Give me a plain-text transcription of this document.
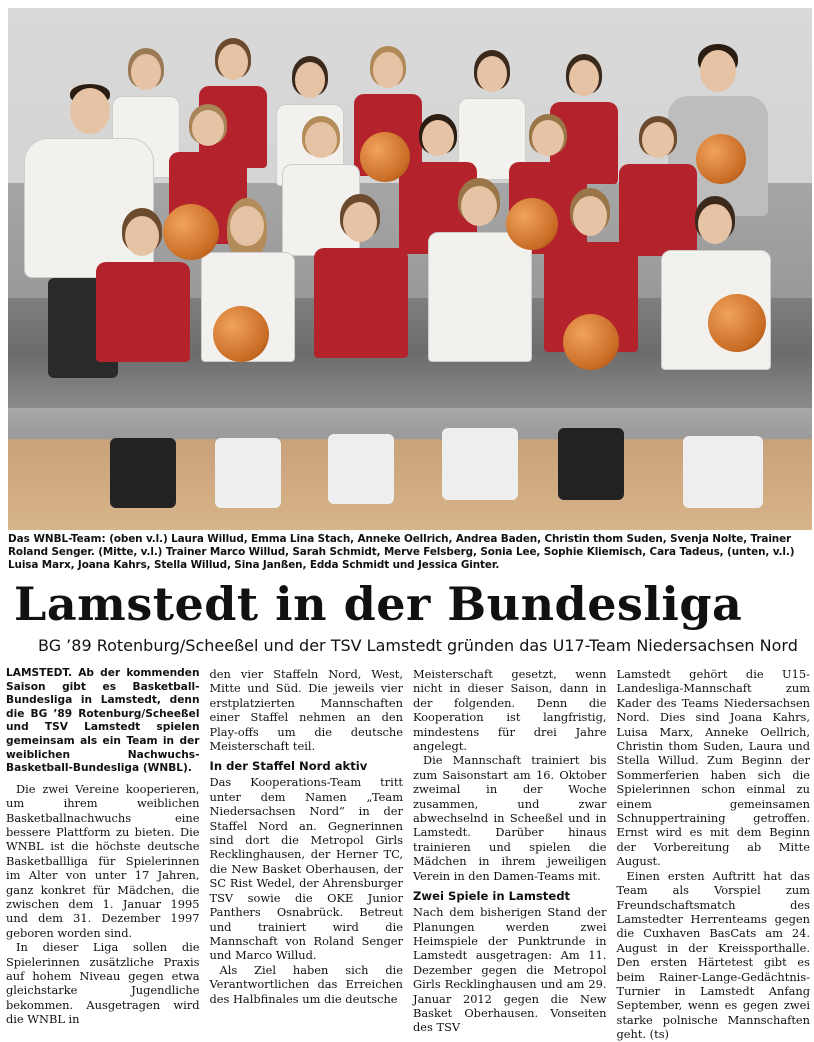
Das WNBL-Team: (oben v.l.) Laura Willud, Emma Lina Stach, Anneke Oellrich, Andrea Baden, Christin thom Suden, Svenja Nolte, Trainer Roland Senger. (Mitte, v.l.) Trainer Marco Willud, Sarah Schmidt, Merve Felsberg, Sonia Lee, Sophie Kliemisch, Cara Tadeus, (unten, v.l.) Luisa Marx, Joana Kahrs, Stella Willud, Sina Janßen, Edda Schmidt und Jessica Ginter.
Lamstedt in der Bundesliga
BG ’89 Rotenburg/Scheeßel und der TSV Lamstedt gründen das U17-Team Niedersachsen Nord

LAMSTEDT. Ab der kommenden Saison gibt es Basketball-Bundesliga in Lamstedt, denn die BG ’89 Rotenburg/Scheeßel und TSV Lamstedt spielen gemeinsam als ein Team in der weiblichen Nachwuchs-Basketball-Bundesliga (WNBL).

Die zwei Vereine kooperieren, um ihrem weiblichen Basketballnachwuchs eine bessere Plattform zu bieten. Die WNBL ist die höchste deutsche Basketballliga für Spielerinnen im Alter von unter 17 Jahren, ganz konkret für Mädchen, die zwischen dem 1. Januar 1995 und dem 31. Dezember 1997 geboren worden sind.

In dieser Liga sollen die Spielerinnen zusätzliche Praxis auf hohem Niveau gegen etwa gleichstarke Jugendliche bekommen. Ausgetragen wird die WNBL in

den vier Staffeln Nord, West, Mitte und Süd. Die jeweils vier erstplatzierten Mannschaften einer Staffel nehmen an den Play-offs um die deutsche Meisterschaft teil.

In der Staffel Nord aktiv

Das Kooperations-Team tritt unter dem Namen „Team Niedersachsen Nord“ in der Staffel Nord an. Gegnerinnen sind dort die Metropol Girls Recklinghausen, der Herner TC, die New Basket Oberhausen, der SC Rist Wedel, der Ahrensburger TSV sowie die OKE Junior Panthers Osnabrück. Betreut und trainiert wird die Mannschaft von Roland Senger und Marco Willud.

Als Ziel haben sich die Verantwortlichen das Erreichen des Halbfinales um die deutsche

Meisterschaft gesetzt, wenn nicht in dieser Saison, dann in der folgenden. Denn die Kooperation ist langfristig, mindestens für drei Jahre angelegt.

Die Mannschaft trainiert bis zum Saisonstart am 16. Oktober zweimal in der Woche zusammen, und zwar abwechselnd in Scheeßel und in Lamstedt. Darüber hinaus trainieren und spielen die Mädchen in ihrem jeweiligen Verein in den Damen-Teams mit.

Zwei Spiele in Lamstedt

Nach dem bisherigen Stand der Planungen werden zwei Heimspiele der Punktrunde in Lamstedt ausgetragen: Am 11. Dezember gegen die Metropol Girls Recklinghausen und am 29. Januar 2012 gegen die New Basket Oberhausen. Vonseiten des TSV

Lamstedt gehört die U15-Landesliga-Mannschaft zum Kader des Teams Niedersachsen Nord. Dies sind Joana Kahrs, Luisa Marx, Anneke Oellrich, Christin thom Suden, Laura und Stella Willud. Zum Beginn der Sommerferien haben sich die Spielerinnen schon einmal zu einem gemeinsamen Schnuppertraining getroffen. Ernst wird es mit dem Beginn der Vorbereitung ab Mitte August.

Einen ersten Auftritt hat das Team als Vorspiel zum Freundschaftsmatch des Lamstedter Herrenteams gegen die Cuxhaven BasCats am 24. August in der Kreissporthalle. Den ersten Härtetest gibt es beim Rainer-Lange-Gedächtnis-Turnier in Lamstedt Anfang September, wenn es gegen zwei starke polnische Mannschaften geht. (ts)
